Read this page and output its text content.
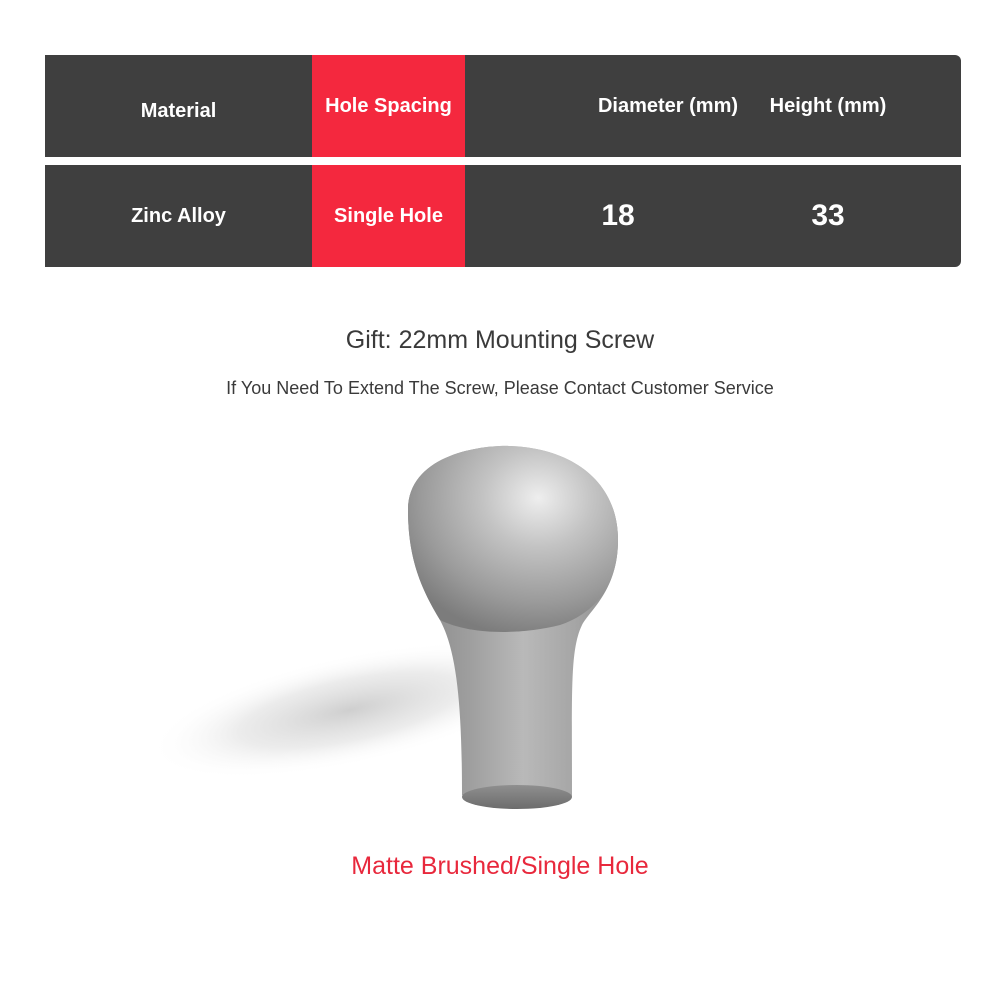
Material	Hole Spacing	Diameter (mm)	Height (mm)
Zinc Alloy	Single Hole	18	33
Gift: 22mm Mounting Screw
If You Need To Extend The Screw, Please Contact Customer Service
Matte Brushed/Single Hole
